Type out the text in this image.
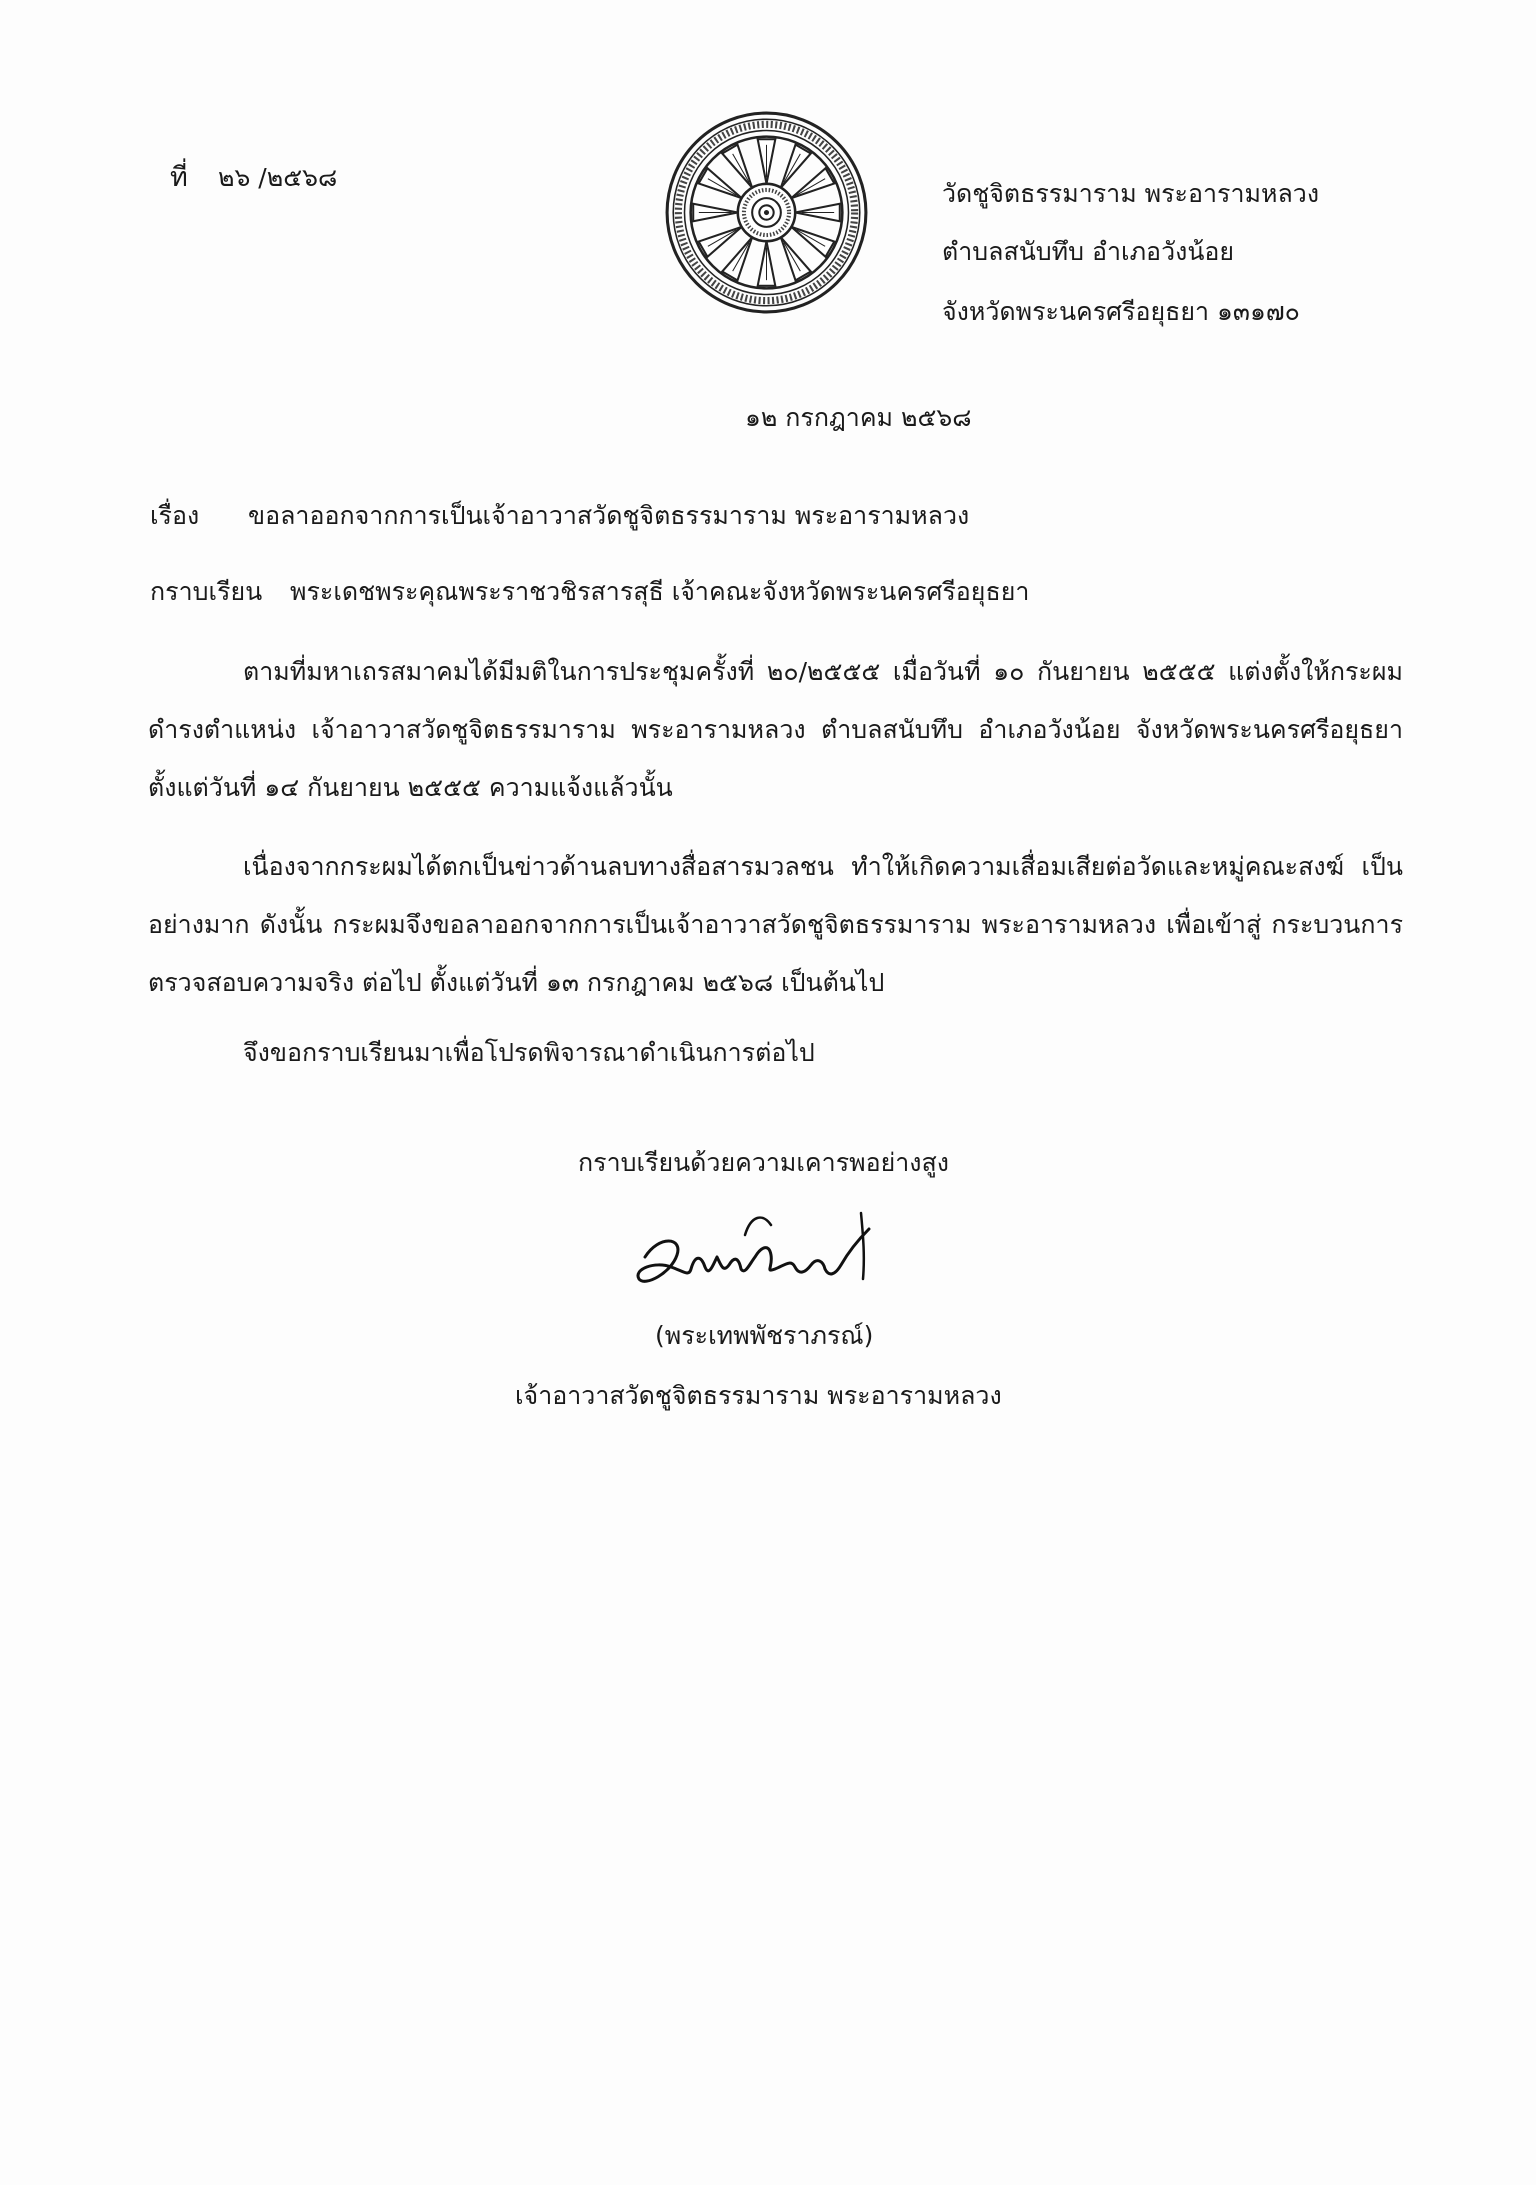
ที่ ๒๖ /๒๕๖๘
วัดชูจิตธรรมาราม พระอารามหลวง
ตำบลสนับทึบ อำเภอวังน้อย
จังหวัดพระนครศรีอยุธยา ๑๓๑๗๐
๑๒ กรกฎาคม ๒๕๖๘
เรื่อง ขอลาออกจากการเป็นเจ้าอาวาสวัดชูจิตธรรมาราม พระอารามหลวง
กราบเรียน พระเดชพระคุณพระราชวชิรสารสุธี เจ้าคณะจังหวัดพระนครศรีอยุธยา
ตามที่มหาเถรสมาคมได้มีมติในการประชุมครั้งที่ ๒๐/๒๕๕๕ เมื่อวันที่ ๑๐ กันยายน ๒๕๕๕ แต่งตั้งให้กระผมดำรงตำแหน่ง เจ้าอาวาสวัดชูจิตธรรมาราม พระอารามหลวง ตำบลสนับทึบ อำเภอวังน้อย จังหวัดพระนครศรีอยุธยา ตั้งแต่วันที่ ๑๔ กันยายน ๒๕๕๕ ความแจ้งแล้วนั้น
เนื่องจากกระผมได้ตกเป็นข่าวด้านลบทางสื่อสารมวลชน ทำให้เกิดความเสื่อมเสียต่อวัดและหมู่คณะสงฆ์ เป็นอย่างมาก ดังนั้น กระผมจึงขอลาออกจากการเป็นเจ้าอาวาสวัดชูจิตธรรมาราม พระอารามหลวง เพื่อเข้าสู่ กระบวนการตรวจสอบความจริง ต่อไป ตั้งแต่วันที่ ๑๓ กรกฎาคม ๒๕๖๘ เป็นต้นไป
จึงขอกราบเรียนมาเพื่อโปรดพิจารณาดำเนินการต่อไป
กราบเรียนด้วยความเคารพอย่างสูง
(พระเทพพัชราภรณ์)
เจ้าอาวาสวัดชูจิตธรรมาราม พระอารามหลวง
